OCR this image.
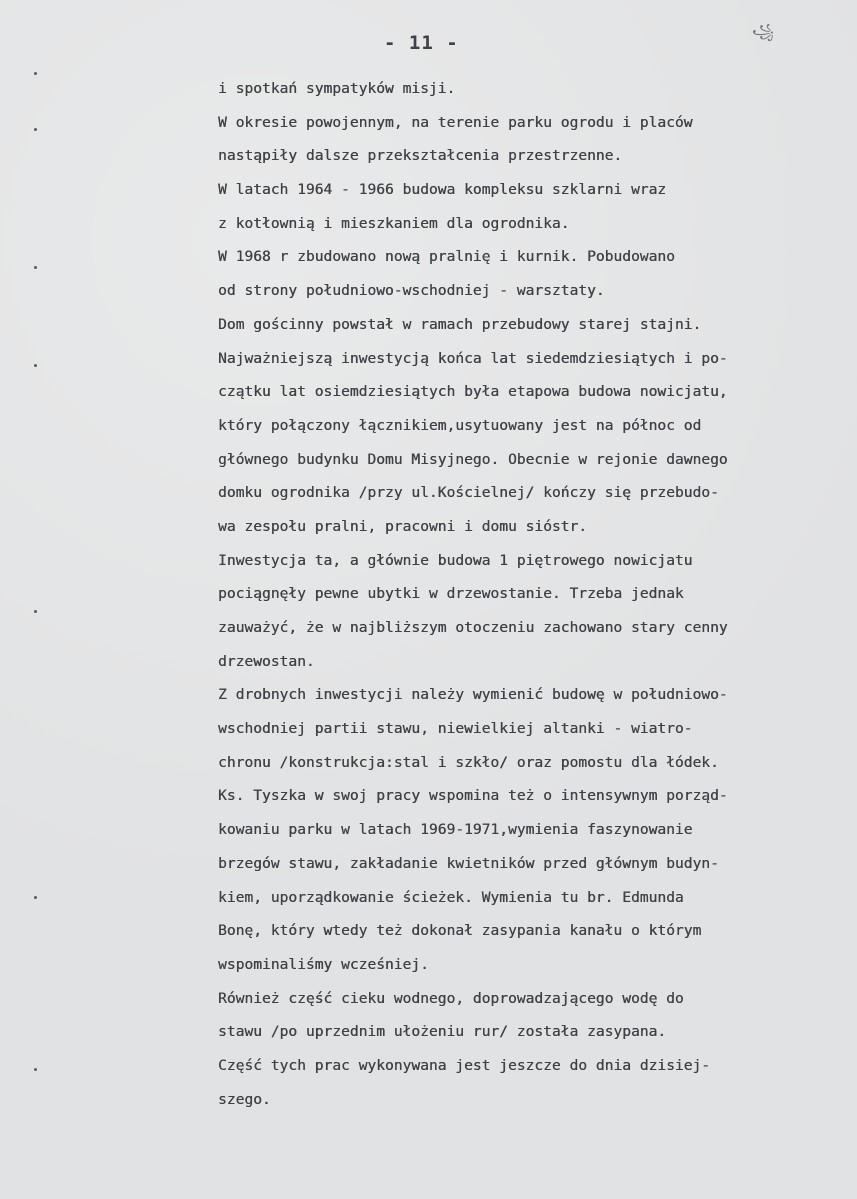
- 11 -	꧁
i spotkań sympatyków misji.
W okresie powojennym, na terenie parku ogrodu i placów
nastąpiły dalsze przekształcenia przestrzenne.
W latach 1964 - 1966 budowa kompleksu szklarni wraz
z kotłownią i mieszkaniem dla ogrodnika.
W 1968 r zbudowano nową pralnię i kurnik. Pobudowano
od strony południowo-wschodniej - warsztaty.
Dom gościnny powstał w ramach przebudowy starej stajni.
Najważniejszą inwestycją końca lat siedemdziesiątych i po-
czątku lat osiemdziesiątych była etapowa budowa nowicjatu,
który połączony łącznikiem,usytuowany jest na północ od
głównego budynku Domu Misyjnego. Obecnie w rejonie dawnego
domku ogrodnika /przy ul.Kościelnej/ kończy się przebudo-
wa zespołu pralni, pracowni i domu sióstr.
Inwestycja ta, a głównie budowa 1 piętrowego nowicjatu
pociągnęły pewne ubytki w drzewostanie. Trzeba jednak
zauważyć, że w najbliższym otoczeniu zachowano stary cenny
drzewostan.
Z drobnych inwestycji należy wymienić budowę w południowo-
wschodniej partii stawu, niewielkiej altanki - wiatro-
chronu /konstrukcja:stal i szkło/ oraz pomostu dla łódek.
Ks. Tyszka w swoj pracy wspomina też o intensywnym porząd-
kowaniu parku w latach 1969-1971,wymienia faszynowanie
brzegów stawu, zakładanie kwietników przed głównym budyn-
kiem, uporządkowanie ścieżek. Wymienia tu br. Edmunda
Bonę, który wtedy też dokonał zasypania kanału o którym
wspominaliśmy wcześniej.
Również część cieku wodnego, doprowadzającego wodę do
stawu /po uprzednim ułożeniu rur/ została zasypana.
Część tych prac wykonywana jest jeszcze do dnia dzisiej-
szego.
